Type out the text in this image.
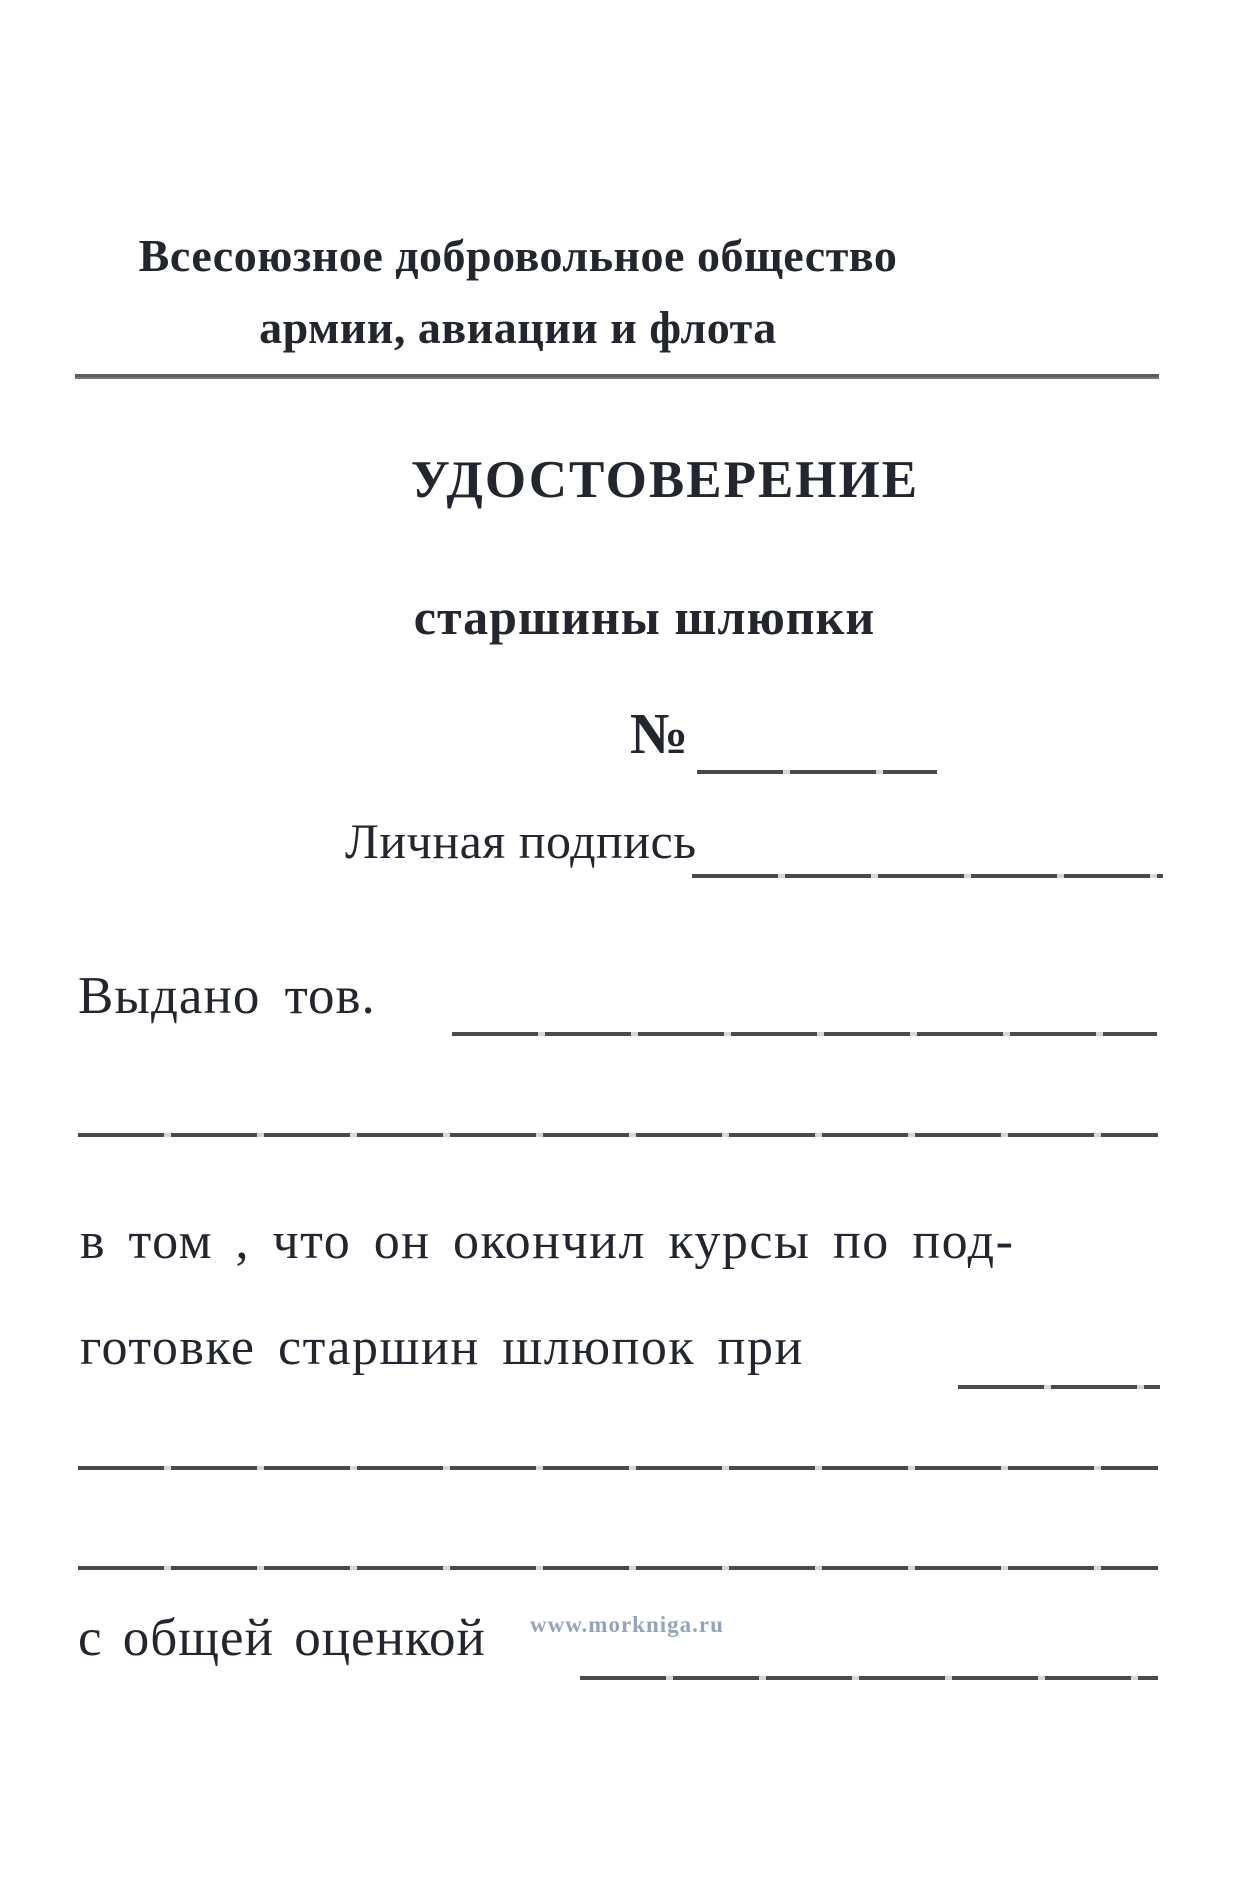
Всесоюзное добровольное общество
армии, авиации и флота
УДОСТОВЕРЕНИЕ
старшины шлюпки
№
Личная подпись
Выдано тов.
в том , что он окончил курсы по под-
готовке старшин шлюпок при
с общей оценкой www.morkniga.ru
